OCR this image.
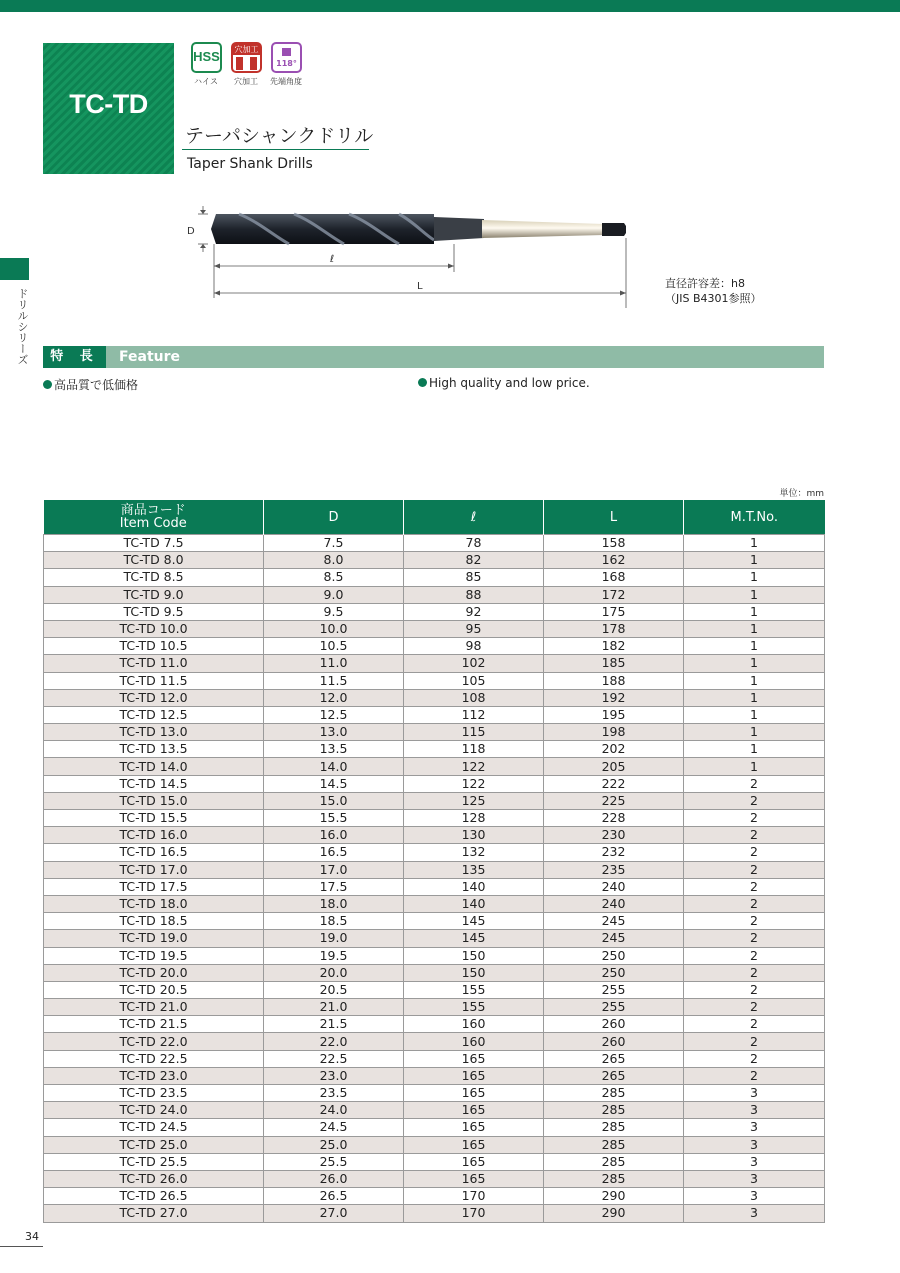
ドリルシリーズ
TC-TD
HSS
ハイス
穴加工
穴加工
118°
先端角度
テーパシャンクドリル
Taper Shank Drills
D
ℓ
L	直径許容差：h8
（JIS B4301参照）
特 長	Feature
高品質で低価格	High quality and low price.
単位：mm
商品コード
Item Code	D	ℓ	L	M.T.No.
TC-TD 7.5	7.5	78	158	1
TC-TD 8.0	8.0	82	162	1
TC-TD 8.5	8.5	85	168	1
TC-TD 9.0	9.0	88	172	1
TC-TD 9.5	9.5	92	175	1
TC-TD 10.0	10.0	95	178	1
TC-TD 10.5	10.5	98	182	1
TC-TD 11.0	11.0	102	185	1
TC-TD 11.5	11.5	105	188	1
TC-TD 12.0	12.0	108	192	1
TC-TD 12.5	12.5	112	195	1
TC-TD 13.0	13.0	115	198	1
TC-TD 13.5	13.5	118	202	1
TC-TD 14.0	14.0	122	205	1
TC-TD 14.5	14.5	122	222	2
TC-TD 15.0	15.0	125	225	2
TC-TD 15.5	15.5	128	228	2
TC-TD 16.0	16.0	130	230	2
TC-TD 16.5	16.5	132	232	2
TC-TD 17.0	17.0	135	235	2
TC-TD 17.5	17.5	140	240	2
TC-TD 18.0	18.0	140	240	2
TC-TD 18.5	18.5	145	245	2
TC-TD 19.0	19.0	145	245	2
TC-TD 19.5	19.5	150	250	2
TC-TD 20.0	20.0	150	250	2
TC-TD 20.5	20.5	155	255	2
TC-TD 21.0	21.0	155	255	2
TC-TD 21.5	21.5	160	260	2
TC-TD 22.0	22.0	160	260	2
TC-TD 22.5	22.5	165	265	2
TC-TD 23.0	23.0	165	265	2
TC-TD 23.5	23.5	165	285	3
TC-TD 24.0	24.0	165	285	3
TC-TD 24.5	24.5	165	285	3
TC-TD 25.0	25.0	165	285	3
TC-TD 25.5	25.5	165	285	3
TC-TD 26.0	26.0	165	285	3
TC-TD 26.5	26.5	170	290	3
TC-TD 27.0	27.0	170	290	3
34
